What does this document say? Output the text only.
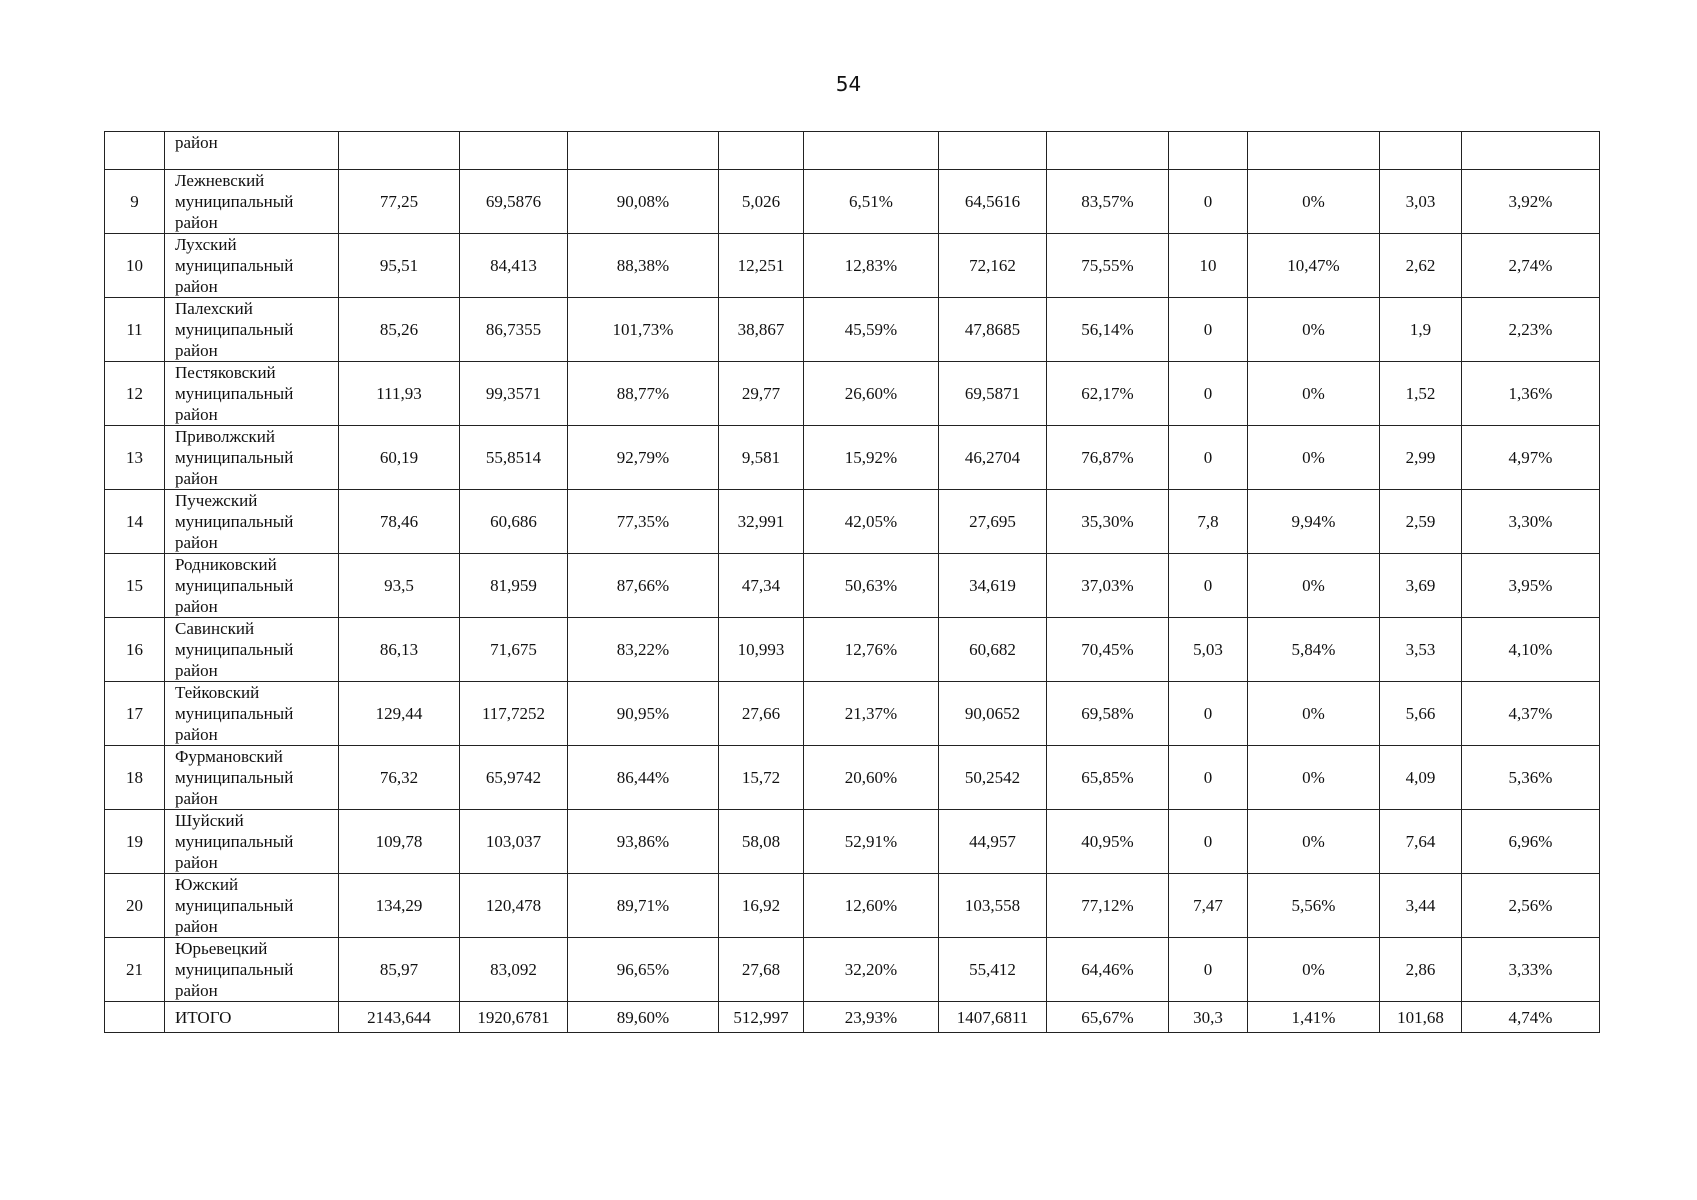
54

	район											

9	Лежневский
муниципальный
район	77,25	69,5876	90,08%	5,026	6,51%	64,5616	83,57%	0	0%	3,03	3,92%
10	Лухский
муниципальный
район	95,51	84,413	88,38%	12,251	12,83%	72,162	75,55%	10	10,47%	2,62	2,74%
11	Палехский
муниципальный
район	85,26	86,7355	101,73%	38,867	45,59%	47,8685	56,14%	0	0%	1,9	2,23%
12	Пестяковский
муниципальный
район	111,93	99,3571	88,77%	29,77	26,60%	69,5871	62,17%	0	0%	1,52	1,36%
13	Приволжский
муниципальный
район	60,19	55,8514	92,79%	9,581	15,92%	46,2704	76,87%	0	0%	2,99	4,97%
14	Пучежский
муниципальный
район	78,46	60,686	77,35%	32,991	42,05%	27,695	35,30%	7,8	9,94%	2,59	3,30%
15	Родниковский
муниципальный
район	93,5	81,959	87,66%	47,34	50,63%	34,619	37,03%	0	0%	3,69	3,95%
16	Савинский
муниципальный
район	86,13	71,675	83,22%	10,993	12,76%	60,682	70,45%	5,03	5,84%	3,53	4,10%
17	Тейковский
муниципальный
район	129,44	117,7252	90,95%	27,66	21,37%	90,0652	69,58%	0	0%	5,66	4,37%
18	Фурмановский
муниципальный
район	76,32	65,9742	86,44%	15,72	20,60%	50,2542	65,85%	0	0%	4,09	5,36%
19	Шуйский
муниципальный
район	109,78	103,037	93,86%	58,08	52,91%	44,957	40,95%	0	0%	7,64	6,96%
20	Южский
муниципальный
район	134,29	120,478	89,71%	16,92	12,60%	103,558	77,12%	7,47	5,56%	3,44	2,56%
21	Юрьевецкий
муниципальный
район	85,97	83,092	96,65%	27,68	32,20%	55,412	64,46%	0	0%	2,86	3,33%
	ИТОГО	2143,644	1920,6781	89,60%	512,997	23,93%	1407,6811	65,67%	30,3	1,41%	101,68	4,74%
